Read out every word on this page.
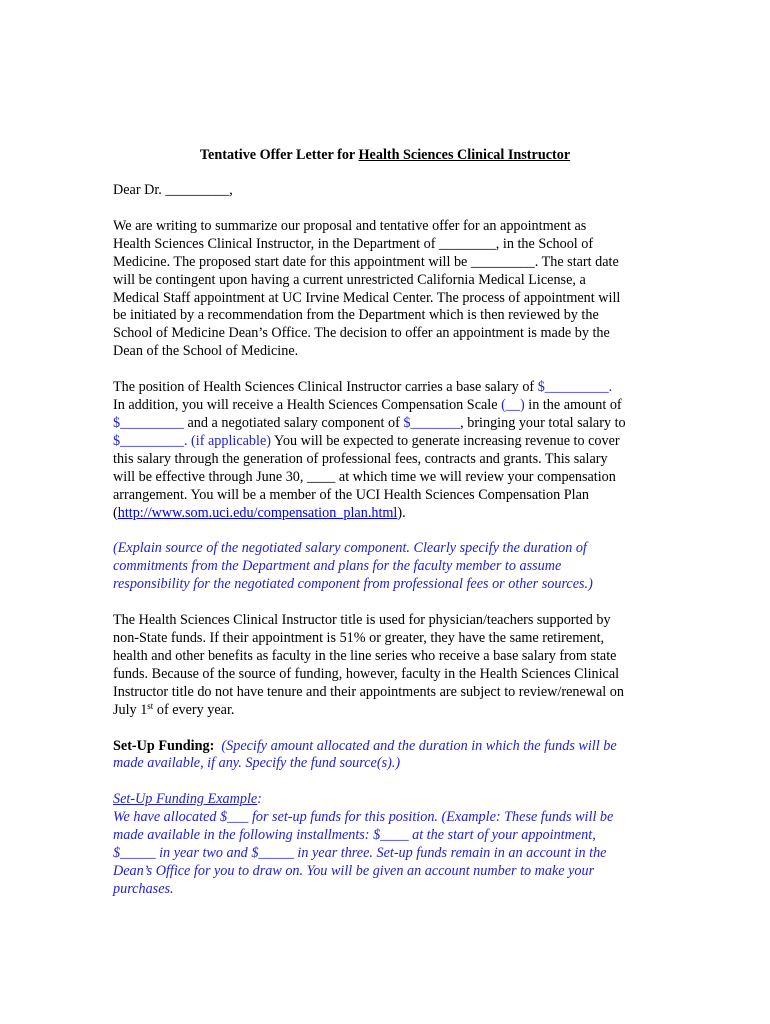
Tentative Offer Letter for Health Sciences Clinical Instructor
Dear Dr. _________,
We are writing to summarize our proposal and tentative offer for an appointment as
Health Sciences Clinical Instructor, in the Department of ________, in the School of
Medicine. The proposed start date for this appointment will be _________. The start date
will be contingent upon having a current unrestricted California Medical License, a
Medical Staff appointment at UC Irvine Medical Center. The process of appointment will
be initiated by a recommendation from the Department which is then reviewed by the
School of Medicine Dean’s Office. The decision to offer an appointment is made by the
Dean of the School of Medicine.
The position of Health Sciences Clinical Instructor carries a base salary of $_________.
In addition, you will receive a Health Sciences Compensation Scale (__) in the amount of
$_________ and a negotiated salary component of $_______, bringing your total salary to
$_________. (if applicable) You will be expected to generate increasing revenue to cover
this salary through the generation of professional fees, contracts and grants. This salary
will be effective through June 30, ____ at which time we will review your compensation
arrangement. You will be a member of the UCI Health Sciences Compensation Plan
(http://www.som.uci.edu/compensation_plan.html).
(Explain source of the negotiated salary component. Clearly specify the duration of
commitments from the Department and plans for the faculty member to assume
responsibility for the negotiated component from professional fees or other sources.)
The Health Sciences Clinical Instructor title is used for physician/teachers supported by
non-State funds. If their appointment is 51% or greater, they have the same retirement,
health and other benefits as faculty in the line series who receive a base salary from state
funds. Because of the source of funding, however, faculty in the Health Sciences Clinical
Instructor title do not have tenure and their appointments are subject to review/renewal on
July 1st of every year.
Set-Up Funding: (Specify amount allocated and the duration in which the funds will be
made available, if any. Specify the fund source(s).)
Set-Up Funding Example:
We have allocated $___ for set-up funds for this position. (Example: These funds will be
made available in the following installments: $____ at the start of your appointment,
$_____ in year two and $_____ in year three. Set-up funds remain in an account in the
Dean’s Office for you to draw on. You will be given an account number to make your
purchases.
